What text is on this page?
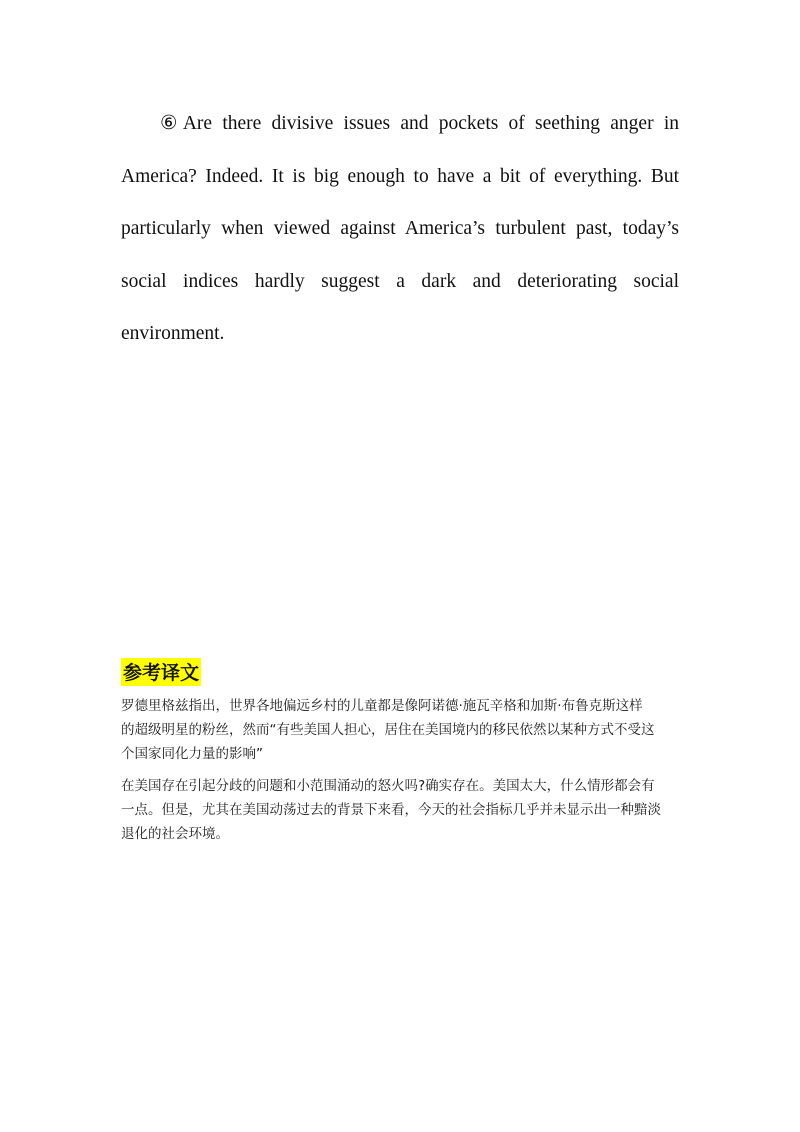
⑥Are there divisive issues and pockets of seething anger in
America? Indeed. It is big enough to have a bit of everything. But
particularly when viewed against America’s turbulent past, today’s
social indices hardly suggest a dark and deteriorating social
environment.

参考译文

罗德里格兹指出，世界各地偏远乡村的儿童都是像阿诺德·施瓦辛格和加斯·布鲁克斯这样
的超级明星的粉丝，然而“有些美国人担心，居住在美国境内的移民依然以某种方式不受这
个国家同化力量的影响”

在美国存在引起分歧的问题和小范围涌动的怒火吗?确实存在。美国太大，什么情形都会有
一点。但是，尤其在美国动荡过去的背景下来看，今天的社会指标几乎并未显示出一种黯淡
退化的社会环境。
